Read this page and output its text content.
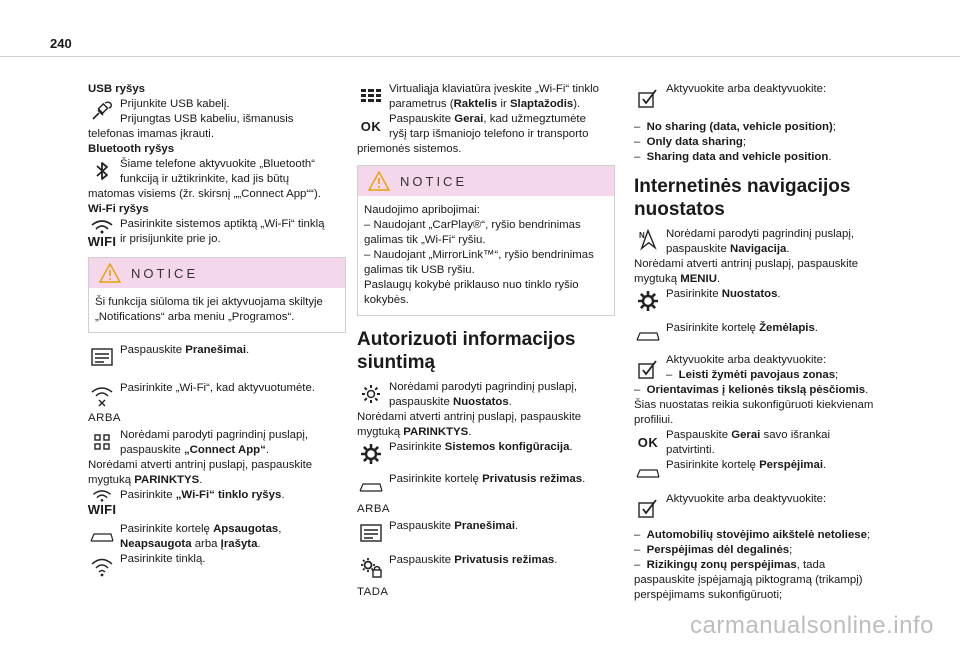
240

USB ryšys

Prijunkite USB kabelį.

Prijungtas USB kabeliu, išmanusis

telefonas imamas įkrauti.

Bluetooth ryšys

Šiame telefone aktyvuokite „Bluetooth“

funkciją ir užtikrinkite, kad jis būtų

matomas visiems (žr. skirsnį „„Connect App““).

Wi-Fi ryšys

WIFI

Pasirinkite sistemos aptiktą „Wi-Fi“ tinklą

ir prisijunkite prie jo.

NOTICE
Ši funkcija siūloma tik jei aktyvuojama skiltyje „Notifications“ arba meniu „Programos“.

Paspauskite Pranešimai.

Pasirinkite „Wi-Fi“, kad aktyvuotumėte.

ARBA

Norėdami parodyti pagrindinį puslapį,

paspauskite „Connect App“.

Norėdami atverti antrinį puslapį, paspauskite

mygtuką PARINKTYS.

WIFI

Pasirinkite „Wi-Fi“ tinklo ryšys.

Pasirinkite kortelę Apsaugotas,

Neapsaugota arba Įrašyta.

Pasirinkite tinklą.

Virtualiąja klaviatūra įveskite „Wi-Fi“ tinklo

parametrus (Raktelis ir Slaptažodis).

OK Paspauskite Gerai, kad užmegztumėte

ryšį tarp išmaniojo telefono ir transporto

priemonės sistemos.

NOTICE

Naudojimo apribojimai:

– Naudojant „CarPlay®“, ryšio bendrinimas galimas tik „Wi-Fi“ ryšiu.

– Naudojant „MirrorLink™“, ryšio bendrinimas galimas tik USB ryšiu.

Paslaugų kokybė priklauso nuo tinklo ryšio kokybės.

Autorizuoti informacijos siuntimą

Norėdami parodyti pagrindinį puslapį,

paspauskite Nuostatos.

Norėdami atverti antrinį puslapį, paspauskite

mygtuką PARINKTYS.

Pasirinkite Sistemos konfigūracija.

Pasirinkite kortelę Privatusis režimas.

ARBA

Paspauskite Pranešimai.

Paspauskite Privatusis režimas.

TADA

Aktyvuokite arba deaktyvuokite:

–  No sharing (data, vehicle position);

–  Only data sharing;

–  Sharing data and vehicle position.

Internetinės navigacijos nuostatos
N Norėdami parodyti pagrindinį puslapį,

paspauskite Navigacija.

Norėdami atverti antrinį puslapį, paspauskite

mygtuką MENIU.

Pasirinkite Nuostatos.

Pasirinkite kortelę Žemėlapis.

Aktyvuokite arba deaktyvuokite:

–  Leisti žymėti pavojaus zonas;

–  Orientavimas į kelionės tikslą pėsčiomis.

Šias nuostatas reikia sukonfigūruoti kiekvienam

profiliui.

OK Paspauskite Gerai savo išrankai

patvirtinti.

Pasirinkite kortelę Perspėjimai.

Aktyvuokite arba deaktyvuokite:

–  Automobilių stovėjimo aikštelė netoliese;

–  Perspėjimas dėl degalinės;

–  Rizikingų zonų perspėjimas, tada

paspauskite įspėjamąją piktogramą (trikampį)

perspėjimams sukonfigūruoti;

carmanualsonline.info
